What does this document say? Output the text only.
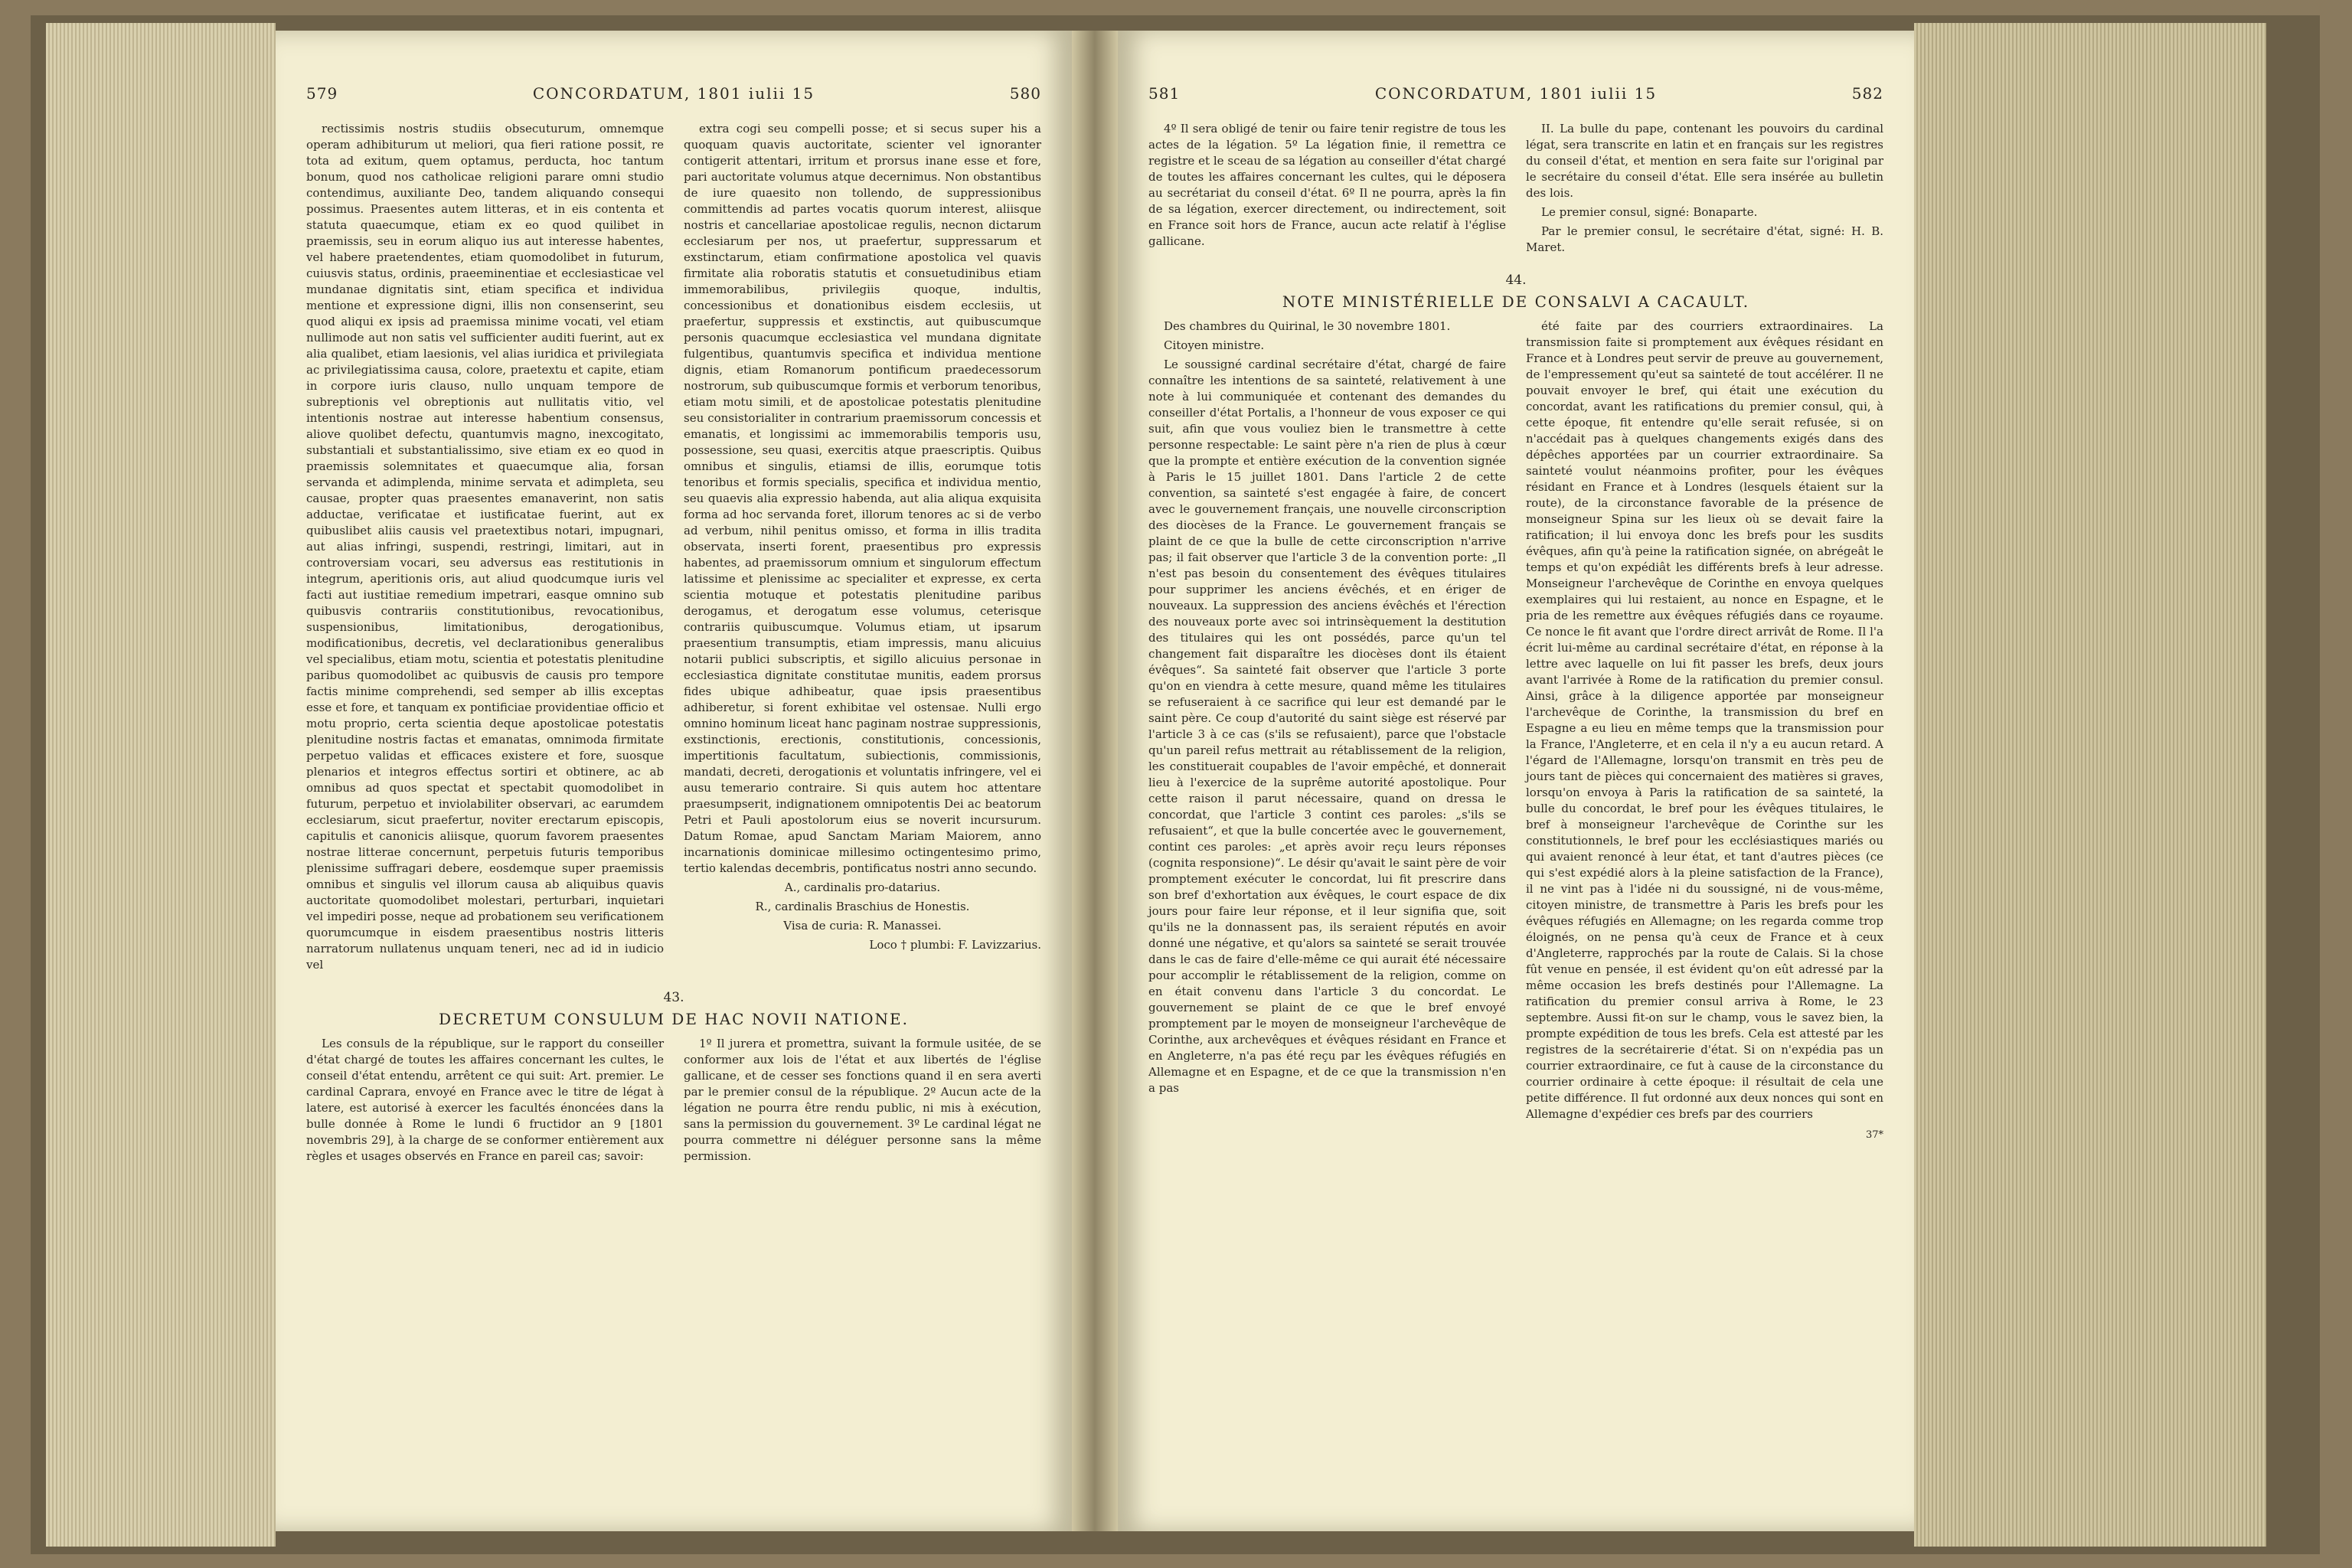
579	CONCORDATUM, 1801 iulii 15	580

rectissimis nostris studiis obsecuturum, omnemque operam adhibiturum ut meliori, qua fieri ratione possit, re tota ad exitum, quem optamus, perducta, hoc tantum bonum, quod nos catholicae religioni parare omni studio contendimus, auxiliante Deo, tandem aliquando consequi possimus. Praesentes autem litteras, et in eis contenta et statuta quaecumque, etiam ex eo quod quilibet in praemissis, seu in eorum aliquo ius aut interesse habentes, vel habere praetendentes, etiam quomodolibet in futurum, cuiusvis status, ordinis, praeeminentiae et ecclesiasticae vel mundanae dignitatis sint, etiam specifica et individua mentione et expressione digni, illis non consenserint, seu quod aliqui ex ipsis ad praemissa minime vocati, vel etiam nullimode aut non satis vel sufficienter auditi fuerint, aut ex alia qualibet, etiam laesionis, vel alias iuridica et privilegiata ac privilegiatissima causa, colore, praetextu et capite, etiam in corpore iuris clauso, nullo unquam tempore de subreptionis vel obreptionis aut nullitatis vitio, vel intentionis nostrae aut interesse habentium consensus, aliove quolibet defectu, quantumvis magno, inexcogitato, substantiali et substantialissimo, sive etiam ex eo quod in praemissis solemnitates et quaecumque alia, forsan servanda et adimplenda, minime servata et adimpleta, seu causae, propter quas praesentes emanaverint, non satis adductae, verificatae et iustificatae fuerint, aut ex quibuslibet aliis causis vel praetextibus notari, impugnari, aut alias infringi, suspendi, restringi, limitari, aut in controversiam vocari, seu adversus eas restitutionis in integrum, aperitionis oris, aut aliud quodcumque iuris vel facti aut iustitiae remedium impetrari, easque omnino sub quibusvis contrariis constitutionibus, revocationibus, suspensionibus, limitationibus, derogationibus, modificationibus, decretis, vel declarationibus generalibus vel specialibus, etiam motu, scientia et potestatis plenitudine paribus quomodolibet ac quibusvis de causis pro tempore factis minime comprehendi, sed semper ab illis exceptas esse et fore, et tanquam ex pontificiae providentiae officio et motu proprio, certa scientia deque apostolicae potestatis plenitudine nostris factas et emanatas, omnimoda firmitate perpetuo validas et efficaces existere et fore, suosque plenarios et integros effectus sortiri et obtinere, ac ab omnibus ad quos spectat et spectabit quomodolibet in futurum, perpetuo et inviolabiliter observari, ac earumdem ecclesiarum, sicut praefertur, noviter erectarum episcopis, capitulis et canonicis aliisque, quorum favorem praesentes nostrae litterae concernunt, perpetuis futuris temporibus plenissime suffragari debere, eosdemque super praemissis omnibus et singulis vel illorum causa ab aliquibus quavis auctoritate quomodolibet molestari, perturbari, inquietari vel impediri posse, neque ad probationem seu verificationem quorumcumque in eisdem praesentibus nostris litteris narratorum nullatenus unquam teneri, nec ad id in iudicio vel

extra cogi seu compelli posse; et si secus super his a quoquam quavis auctoritate, scienter vel ignoranter contigerit attentari, irritum et prorsus inane esse et fore, pari auctoritate volumus atque decernimus. Non obstantibus de iure quaesito non tollendo, de suppressionibus committendis ad partes vocatis quorum interest, aliisque nostris et cancellariae apostolicae regulis, necnon dictarum ecclesiarum per nos, ut praefertur, suppressarum et exstinctarum, etiam confirmatione apostolica vel quavis firmitate alia roboratis statutis et consuetudinibus etiam immemorabilibus, privilegiis quoque, indultis, concessionibus et donationibus eisdem ecclesiis, ut praefertur, suppressis et exstinctis, aut quibuscumque personis quacumque ecclesiastica vel mundana dignitate fulgentibus, quantumvis specifica et individua mentione dignis, etiam Romanorum pontificum praedecessorum nostrorum, sub quibuscumque formis et verborum tenoribus, etiam motu simili, et de apostolicae potestatis plenitudine seu consistorialiter in contrarium praemissorum concessis et emanatis, et longissimi ac immemorabilis temporis usu, possessione, seu quasi, exercitis atque praescriptis. Quibus omnibus et singulis, etiamsi de illis, eorumque totis tenoribus et formis specialis, specifica et individua mentio, seu quaevis alia expressio habenda, aut alia aliqua exquisita forma ad hoc servanda foret, illorum tenores ac si de verbo ad verbum, nihil penitus omisso, et forma in illis tradita observata, inserti forent, praesentibus pro expressis habentes, ad praemissorum omnium et singulorum effectum latissime et plenissime ac specialiter et expresse, ex certa scientia motuque et potestatis plenitudine paribus derogamus, et derogatum esse volumus, ceterisque contrariis quibuscumque. Volumus etiam, ut ipsarum praesentium transumptis, etiam impressis, manu alicuius notarii publici subscriptis, et sigillo alicuius personae in ecclesiastica dignitate constitutae munitis, eadem prorsus fides ubique adhibeatur, quae ipsis praesentibus adhiberetur, si forent exhibitae vel ostensae. Nulli ergo omnino hominum liceat hanc paginam nostrae suppressionis, exstinctionis, erectionis, constitutionis, concessionis, impertitionis facultatum, subiectionis, commissionis, mandati, decreti, derogationis et voluntatis infringere, vel ei ausu temerario contraire. Si quis autem hoc attentare praesumpserit, indignationem omnipotentis Dei ac beatorum Petri et Pauli apostolorum eius se noverit incursurum. Datum Romae, apud Sanctam Mariam Maiorem, anno incarnationis dominicae millesimo octingentesimo primo, tertio kalendas decembris, pontificatus nostri anno secundo.

A., cardinalis pro-datarius.
R., cardinalis Braschius de Honestis.
Visa de curia: R. Manassei.
Loco † plumbi: F. Lavizzarius.
43.
DECRETUM CONSULUM DE HAC NOVII NATIONE.

Les consuls de la république, sur le rapport du conseiller d'état chargé de toutes les affaires concernant les cultes, le conseil d'état entendu, arrêtent ce qui suit: Art. premier. Le cardinal Caprara, envoyé en France avec le titre de légat à latere, est autorisé à exercer les facultés énoncées dans la bulle donnée à Rome le lundi 6 fructidor an 9 [1801 novembris 29], à la charge de se conformer entièrement aux règles et usages observés en France en pareil cas; savoir:

1º Il jurera et promettra, suivant la formule usitée, de se conformer aux lois de l'état et aux libertés de l'église gallicane, et de cesser ses fonctions quand il en sera averti par le premier consul de la république. 2º Aucun acte de la légation ne pourra être rendu public, ni mis à exécution, sans la permission du gouvernement. 3º Le cardinal légat ne pourra commettre ni déléguer personne sans la même permission.

581	CONCORDATUM, 1801 iulii 15	582

4º Il sera obligé de tenir ou faire tenir registre de tous les actes de la légation. 5º La légation finie, il remettra ce registre et le sceau de sa légation au conseiller d'état chargé de toutes les affaires concernant les cultes, qui le déposera au secrétariat du conseil d'état. 6º Il ne pourra, après la fin de sa légation, exercer directement, ou indirectement, soit en France soit hors de France, aucun acte relatif à l'église gallicane.

II. La bulle du pape, contenant les pouvoirs du cardinal légat, sera transcrite en latin et en français sur les registres du conseil d'état, et mention en sera faite sur l'original par le secrétaire du conseil d'état. Elle sera insérée au bulletin des lois.

Le premier consul, signé: Bonaparte.

Par le premier consul, le secrétaire d'état, signé: H. B. Maret.

44.
NOTE MINISTÉRIELLE DE CONSALVI A CACAULT.

Des chambres du Quirinal, le 30 novembre 1801.

Citoyen ministre.

Le soussigné cardinal secrétaire d'état, chargé de faire connaître les intentions de sa sainteté, relativement à une note à lui communiquée et contenant des demandes du conseiller d'état Portalis, a l'honneur de vous exposer ce qui suit, afin que vous vouliez bien le transmettre à cette personne respectable: Le saint père n'a rien de plus à cœur que la prompte et entière exécution de la convention signée à Paris le 15 juillet 1801. Dans l'article 2 de cette convention, sa sainteté s'est engagée à faire, de concert avec le gouvernement français, une nouvelle circonscription des diocèses de la France. Le gouvernement français se plaint de ce que la bulle de cette circonscription n'arrive pas; il fait observer que l'article 3 de la convention porte: „Il n'est pas besoin du consentement des évêques titulaires pour supprimer les anciens évêchés, et en ériger de nouveaux. La suppression des anciens évêchés et l'érection des nouveaux porte avec soi intrinsèquement la destitution des titulaires qui les ont possédés, parce qu'un tel changement fait disparaître les diocèses dont ils étaient évêques“. Sa sainteté fait observer que l'article 3 porte qu'on en viendra à cette mesure, quand même les titulaires se refuseraient à ce sacrifice qui leur est demandé par le saint père. Ce coup d'autorité du saint siège est réservé par l'article 3 à ce cas (s'ils se refusaient), parce que l'obstacle qu'un pareil refus mettrait au rétablissement de la religion, les constituerait coupables de l'avoir empêché, et donnerait lieu à l'exercice de la suprême autorité apostolique. Pour cette raison il parut nécessaire, quand on dressa le concordat, que l'article 3 contint ces paroles: „s'ils se refusaient“, et que la bulle concertée avec le gouvernement, contint ces paroles: „et après avoir reçu leurs réponses (cognita responsione)“. Le désir qu'avait le saint père de voir promptement exécuter le concordat, lui fit prescrire dans son bref d'exhortation aux évêques, le court espace de dix jours pour faire leur réponse, et il leur signifia que, soit qu'ils ne la donnassent pas, ils seraient réputés en avoir donné une négative, et qu'alors sa sainteté se serait trouvée dans le cas de faire d'elle-même ce qui aurait été nécessaire pour accomplir le rétablissement de la religion, comme on en était convenu dans l'article 3 du concordat. Le gouvernement se plaint de ce que le bref envoyé promptement par le moyen de monseigneur l'archevêque de Corinthe, aux archevêques et évêques résidant en France et en Angleterre, n'a pas été reçu par les évêques réfugiés en Allemagne et en Espagne, et de ce que la transmission n'en a pas

été faite par des courriers extraordinaires. La transmission faite si promptement aux évêques résidant en France et à Londres peut servir de preuve au gouvernement, de l'empressement qu'eut sa sainteté de tout accélérer. Il ne pouvait envoyer le bref, qui était une exécution du concordat, avant les ratifications du premier consul, qui, à cette époque, fit entendre qu'elle serait refusée, si on n'accédait pas à quelques changements exigés dans des dépêches apportées par un courrier extraordinaire. Sa sainteté voulut néanmoins profiter, pour les évêques résidant en France et à Londres (lesquels étaient sur la route), de la circonstance favorable de la présence de monseigneur Spina sur les lieux où se devait faire la ratification; il lui envoya donc les brefs pour les susdits évêques, afin qu'à peine la ratification signée, on abrégeât le temps et qu'on expédiât les différents brefs à leur adresse. Monseigneur l'archevêque de Corinthe en envoya quelques exemplaires qui lui restaient, au nonce en Espagne, et le pria de les remettre aux évêques réfugiés dans ce royaume. Ce nonce le fit avant que l'ordre direct arrivât de Rome. Il l'a écrit lui-même au cardinal secrétaire d'état, en réponse à la lettre avec laquelle on lui fit passer les brefs, deux jours avant l'arrivée à Rome de la ratification du premier consul. Ainsi, grâce à la diligence apportée par monseigneur l'archevêque de Corinthe, la transmission du bref en Espagne a eu lieu en même temps que la transmission pour la France, l'Angleterre, et en cela il n'y a eu aucun retard. A l'égard de l'Allemagne, lorsqu'on transmit en très peu de jours tant de pièces qui concernaient des matières si graves, lorsqu'on envoya à Paris la ratification de sa sainteté, la bulle du concordat, le bref pour les évêques titulaires, le bref à monseigneur l'archevêque de Corinthe sur les constitutionnels, le bref pour les ecclésiastiques mariés ou qui avaient renoncé à leur état, et tant d'autres pièces (ce qui s'est expédié alors à la pleine satisfaction de la France), il ne vint pas à l'idée ni du soussigné, ni de vous-même, citoyen ministre, de transmettre à Paris les brefs pour les évêques réfugiés en Allemagne; on les regarda comme trop éloignés, on ne pensa qu'à ceux de France et à ceux d'Angleterre, rapprochés par la route de Calais. Si la chose fût venue en pensée, il est évident qu'on eût adressé par la même occasion les brefs destinés pour l'Allemagne. La ratification du premier consul arriva à Rome, le 23 septembre. Aussi fit-on sur le champ, vous le savez bien, la prompte expédition de tous les brefs. Cela est attesté par les registres de la secrétairerie d'état. Si on n'expédia pas un courrier extraordinaire, ce fut à cause de la circonstance du courrier ordinaire à cette époque: il résultait de cela une petite différence. Il fut ordonné aux deux nonces qui sont en Allemagne d'expédier ces brefs par des courriers

37*
